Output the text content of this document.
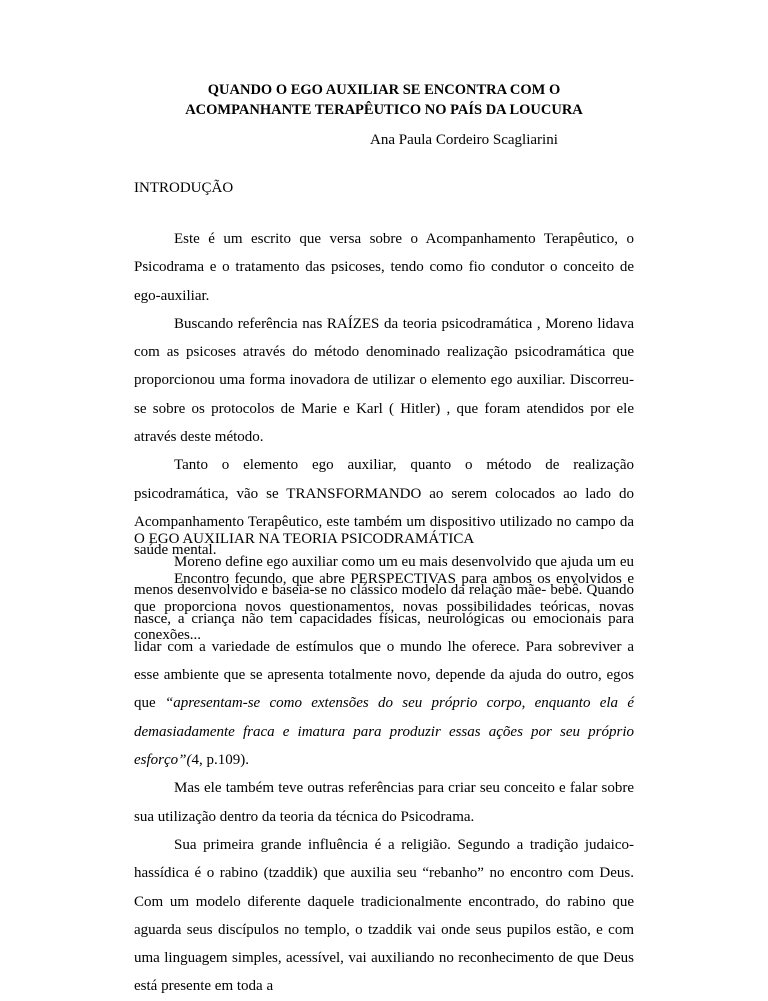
QUANDO O EGO AUXILIAR SE ENCONTRA COM O
ACOMPANHANTE TERAPÊUTICO NO PAÍS DA LOUCURA
Ana Paula Cordeiro Scagliarini
INTRODUÇÃO

Este é um escrito que versa sobre o Acompanhamento Terapêutico, o Psicodrama e o tratamento das psicoses, tendo como fio condutor o conceito de ego-auxiliar.

Buscando referência nas RAÍZES da teoria psicodramática , Moreno lidava com as psicoses através do método denominado realização psicodramática que proporcionou uma forma inovadora de utilizar o elemento ego auxiliar. Discorreu-se sobre os protocolos de Marie e Karl ( Hitler) , que foram atendidos por ele através deste método.

Tanto o elemento ego auxiliar, quanto o método de realização psicodramática, vão se TRANSFORMANDO ao serem colocados ao lado do Acompanhamento Terapêutico, este também um dispositivo utilizado no campo da saúde mental.

Encontro fecundo, que abre PERSPECTIVAS para ambos os envolvidos e que proporciona novos questionamentos, novas possibilidades teóricas, novas conexões...

O EGO AUXILIAR NA TEORIA PSICODRAMÁTICA

Moreno define ego auxiliar como um eu mais desenvolvido que ajuda um eu menos desenvolvido e baseia-se no clássico modelo da relação mãe- bebê. Quando nasce, a criança não tem capacidades físicas, neurológicas ou emocionais para lidar com a variedade de estímulos que o mundo lhe oferece. Para sobreviver a esse ambiente que se apresenta totalmente novo, depende da ajuda do outro, egos que “apresentam-se como extensões do seu próprio corpo, enquanto ela é demasiadamente fraca e imatura para produzir essas ações por seu próprio esforço”(4, p.109).

Mas ele também teve outras referências para criar seu conceito e falar sobre sua utilização dentro da teoria da técnica do Psicodrama.

Sua primeira grande influência é a religião. Segundo a tradição judaico-hassídica é o rabino (tzaddik) que auxilia seu “rebanho” no encontro com Deus. Com um modelo diferente daquele tradicionalmente encontrado, do rabino que aguarda seus discípulos no templo, o tzaddik vai onde seus pupilos estão, e com uma linguagem simples, acessível, vai auxiliando no reconhecimento de que Deus está presente em toda a
